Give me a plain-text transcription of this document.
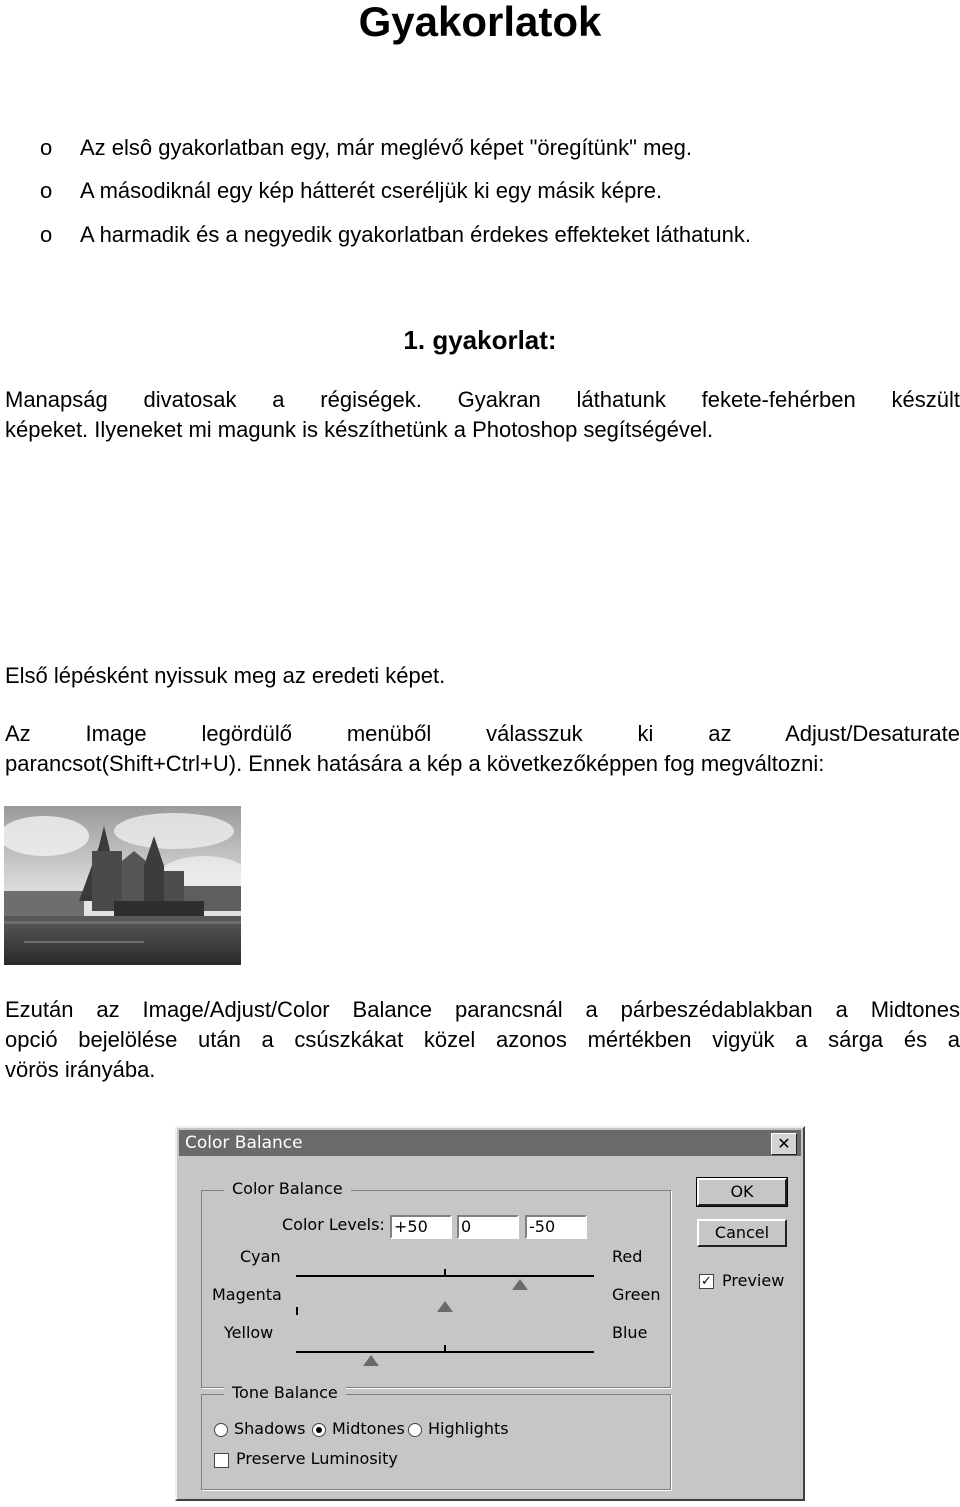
Gyakorlatok
o Az elsô gyakorlatban egy, már meglévő képet "öregítünk" meg.
o A másodiknál egy kép hátterét cseréljük ki egy másik képre.
o A harmadik és a negyedik gyakorlatban érdekes effekteket láthatunk.
1. gyakorlat:
Manapság divatosak a régiségek. Gyakran láthatunk fekete-fehérben készült
képeket. Ilyeneket mi magunk is készíthetünk a Photoshop segítségével.
Első lépésként nyissuk meg az eredeti képet.
Az Image legördülő menüből válasszuk ki az Adjust/Desaturate
parancsot(Shift+Ctrl+U). Ennek hatására a kép a következőképpen fog megváltozni:
Ezután az Image/Adjust/Color Balance parancsnál a párbeszédablakban a Midtones
opció bejelölése után a csúszkákat közel azonos mértékben vigyük a sárga és a
vörös irányába.
Color Balance	✕
Color Balance
Color Levels: +50	0	-50
Cyan	Red
Magenta	Green
Yellow	Blue
OK
Cancel
✓ Preview
Tone Balance
Shadows Midtones Highlights
Preserve Luminosity
